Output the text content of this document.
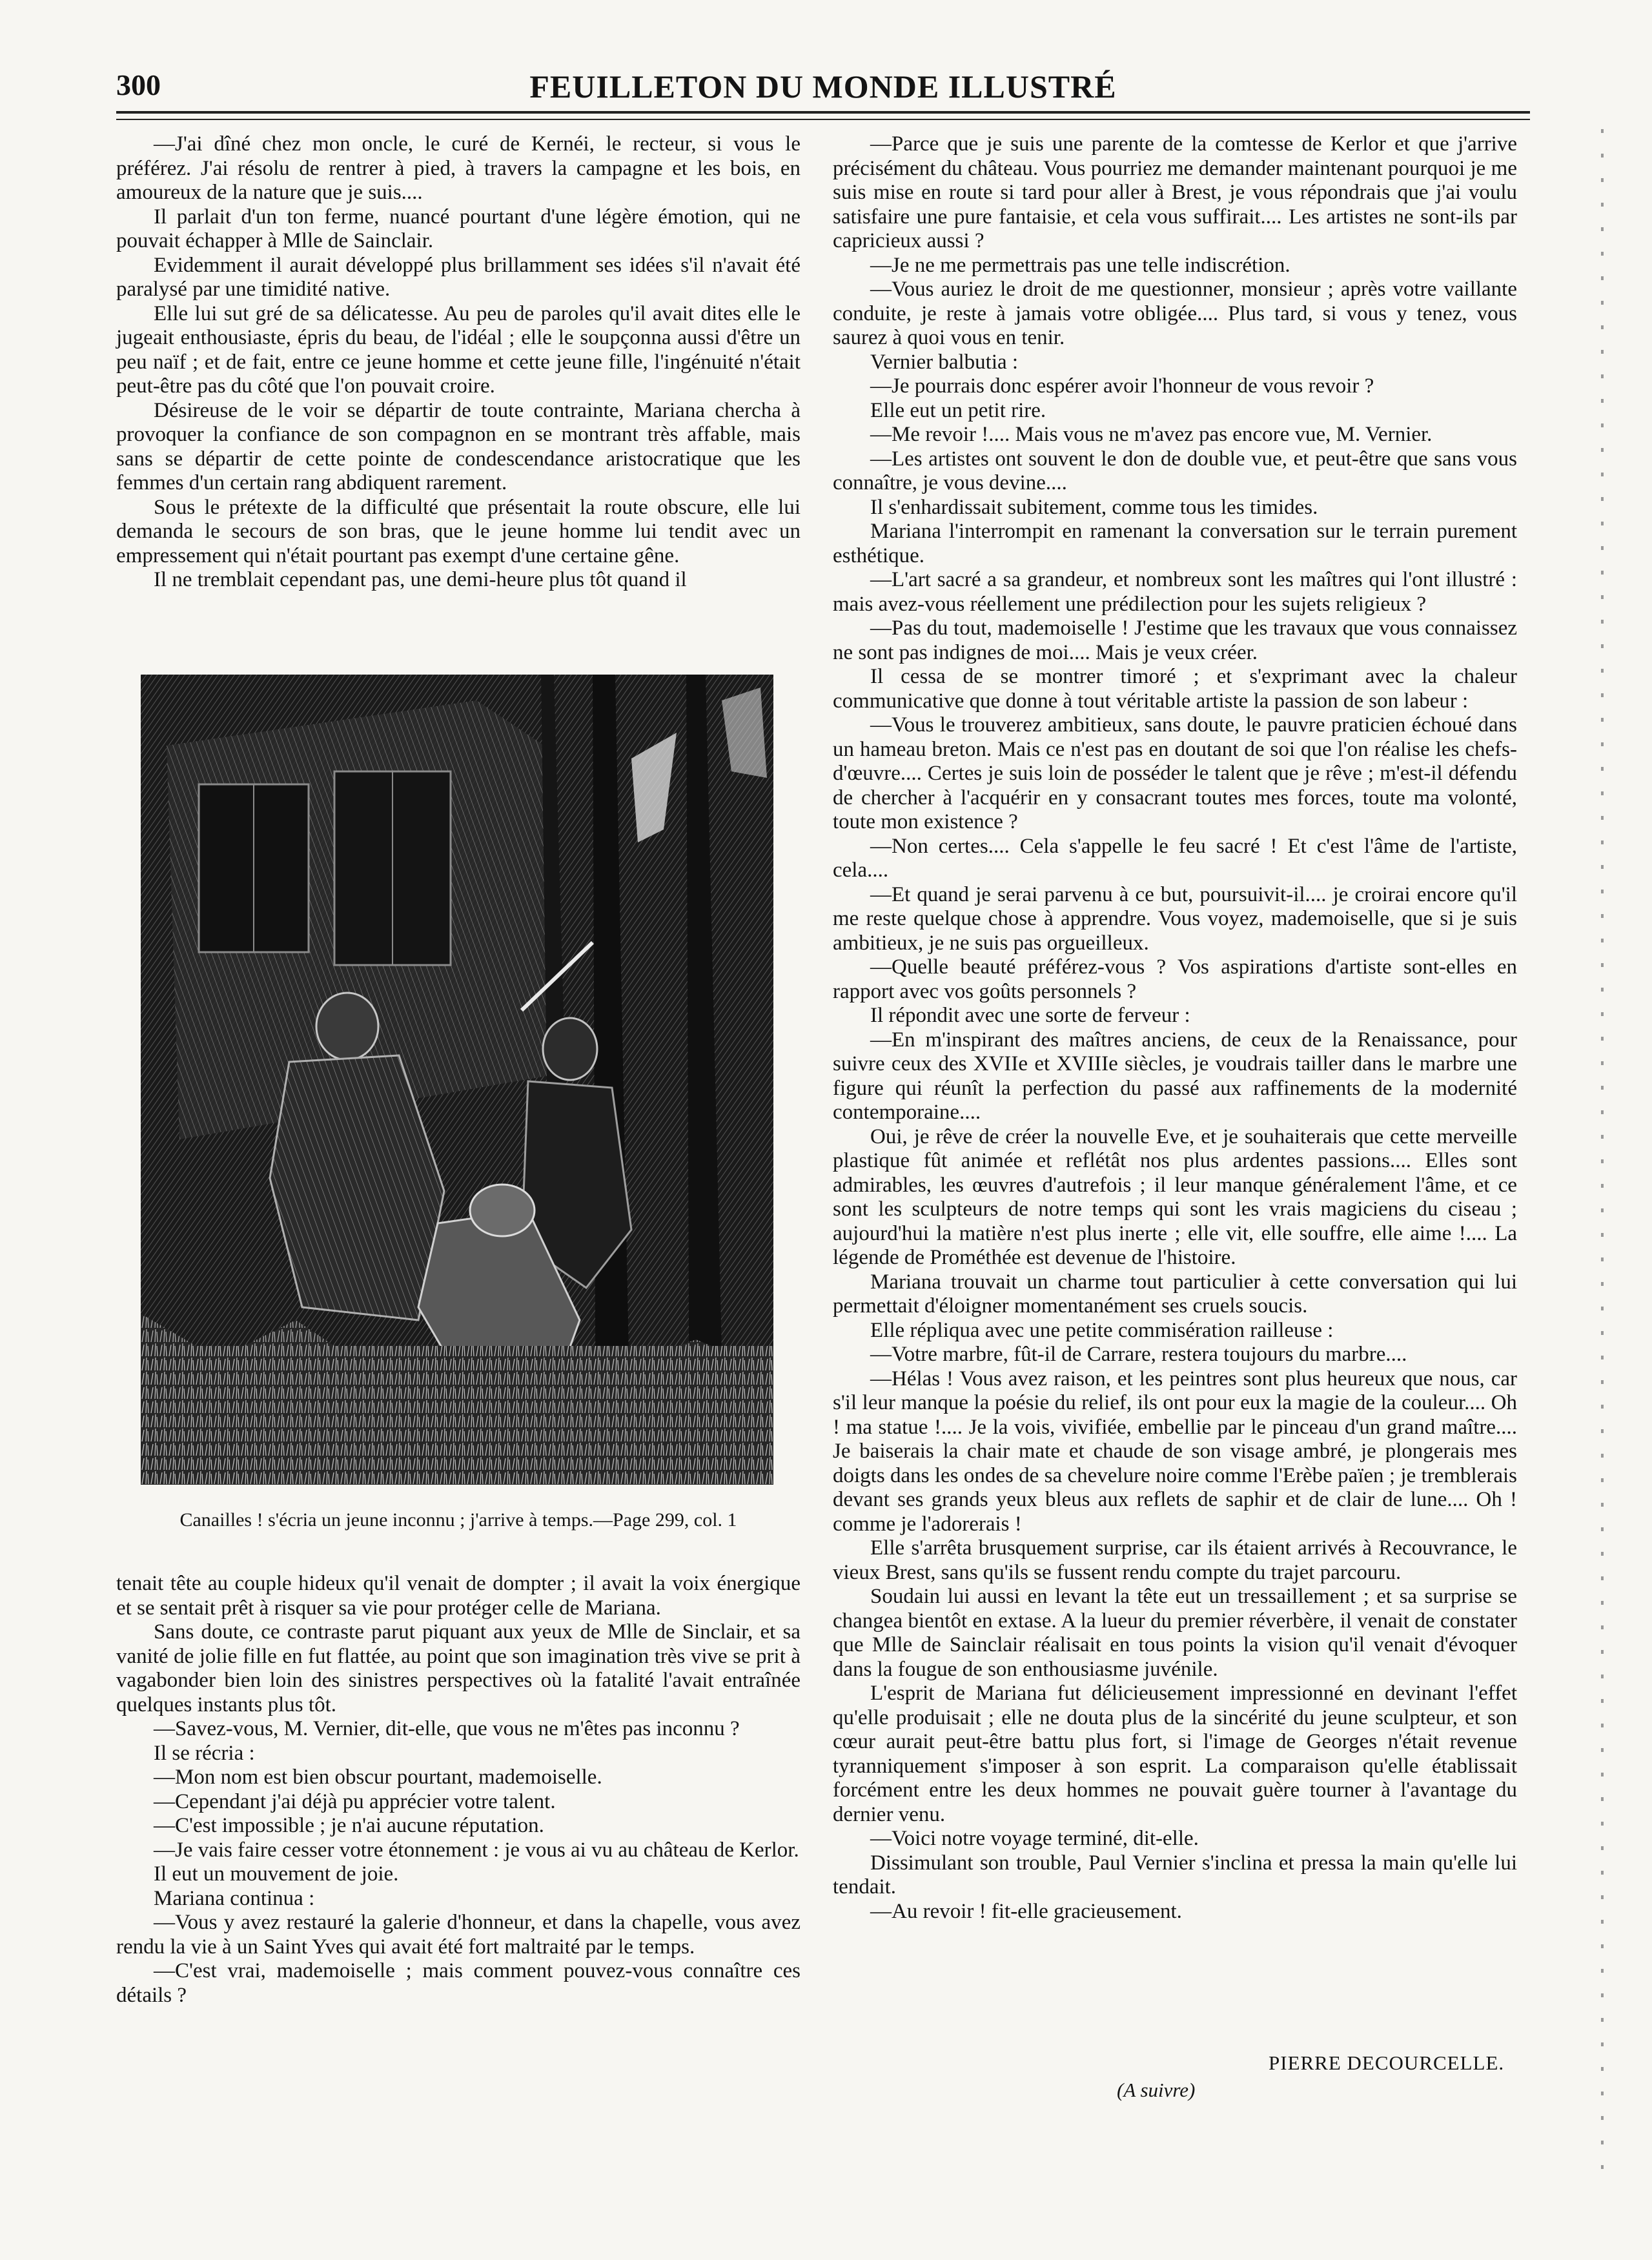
300	FEUILLETON DU MONDE ILLUSTRÉ

—J'ai dîné chez mon oncle, le curé de Kernéi, le recteur, si vous le préférez. J'ai résolu de rentrer à pied, à travers la campagne et les bois, en amoureux de la nature que je suis....

Il parlait d'un ton ferme, nuancé pourtant d'une légère émotion, qui ne pouvait échapper à Mlle de Sainclair.

Evidemment il aurait développé plus brillamment ses idées s'il n'avait été paralysé par une timidité native.

Elle lui sut gré de sa délicatesse. Au peu de paroles qu'il avait dites elle le jugeait enthousiaste, épris du beau, de l'idéal ; elle le soupçonna aussi d'être un peu naïf ; et de fait, entre ce jeune homme et cette jeune fille, l'ingénuité n'était peut-être pas du côté que l'on pouvait croire.

Désireuse de le voir se départir de toute contrainte, Mariana chercha à provoquer la confiance de son compagnon en se montrant très affable, mais sans se départir de cette pointe de condescendance aristocratique que les femmes d'un certain rang abdiquent rarement.

Sous le prétexte de la difficulté que présentait la route obscure, elle lui demanda le secours de son bras, que le jeune homme lui tendit avec un empressement qui n'était pourtant pas exempt d'une certaine gêne.

Il ne tremblait cependant pas, une demi-heure plus tôt quand il

Canailles ! s'écria un jeune inconnu ; j'arrive à temps.—Page 299, col. 1

tenait tête au couple hideux qu'il venait de dompter ; il avait la voix énergique et se sentait prêt à risquer sa vie pour protéger celle de Mariana.

Sans doute, ce contraste parut piquant aux yeux de Mlle de Sinclair, et sa vanité de jolie fille en fut flattée, au point que son imagination très vive se prit à vagabonder bien loin des sinistres perspectives où la fatalité l'avait entraînée quelques instants plus tôt.

—Savez-vous, M. Vernier, dit-elle, que vous ne m'êtes pas inconnu ?

Il se récria :

—Mon nom est bien obscur pourtant, mademoiselle.

—Cependant j'ai déjà pu apprécier votre talent.

—C'est impossible ; je n'ai aucune réputation.

—Je vais faire cesser votre étonnement : je vous ai vu au château de Kerlor.

Il eut un mouvement de joie.

Mariana continua :

—Vous y avez restauré la galerie d'honneur, et dans la chapelle, vous avez rendu la vie à un Saint Yves qui avait été fort maltraité par le temps.

—C'est vrai, mademoiselle ; mais comment pouvez-vous connaître ces détails ?

—Parce que je suis une parente de la comtesse de Kerlor et que j'arrive précisément du château. Vous pourriez me demander maintenant pourquoi je me suis mise en route si tard pour aller à Brest, je vous répondrais que j'ai voulu satisfaire une pure fantaisie, et cela vous suffirait.... Les artistes ne sont-ils par capricieux aussi ?

—Je ne me permettrais pas une telle indiscrétion.

—Vous auriez le droit de me questionner, monsieur ; après votre vaillante conduite, je reste à jamais votre obligée.... Plus tard, si vous y tenez, vous saurez à quoi vous en tenir.

Vernier balbutia :

—Je pourrais donc espérer avoir l'honneur de vous revoir ?

Elle eut un petit rire.

—Me revoir !.... Mais vous ne m'avez pas encore vue, M. Vernier.

—Les artistes ont souvent le don de double vue, et peut-être que sans vous connaître, je vous devine....

Il s'enhardissait subitement, comme tous les timides.

Mariana l'interrompit en ramenant la conversation sur le terrain purement esthétique.

—L'art sacré a sa grandeur, et nombreux sont les maîtres qui l'ont illustré : mais avez-vous réellement une prédilection pour les sujets religieux ?

—Pas du tout, mademoiselle ! J'estime que les travaux que vous connaissez ne sont pas indignes de moi.... Mais je veux créer.

Il cessa de se montrer timoré ; et s'exprimant avec la chaleur communicative que donne à tout véritable artiste la passion de son labeur :

—Vous le trouverez ambitieux, sans doute, le pauvre praticien échoué dans un hameau breton. Mais ce n'est pas en doutant de soi que l'on réalise les chefs-d'œuvre.... Certes je suis loin de posséder le talent que je rêve ; m'est-il défendu de chercher à l'acquérir en y consacrant toutes mes forces, toute ma volonté, toute mon existence ?

—Non certes.... Cela s'appelle le feu sacré ! Et c'est l'âme de l'artiste, cela....

—Et quand je serai parvenu à ce but, poursuivit-il.... je croirai encore qu'il me reste quelque chose à apprendre. Vous voyez, mademoiselle, que si je suis ambitieux, je ne suis pas orgueilleux.

—Quelle beauté préférez-vous ? Vos aspirations d'artiste sont-elles en rapport avec vos goûts personnels ?

Il répondit avec une sorte de ferveur :

—En m'inspirant des maîtres anciens, de ceux de la Renaissance, pour suivre ceux des XVIIe et XVIIIe siècles, je voudrais tailler dans le marbre une figure qui réunît la perfection du passé aux raffinements de la modernité contemporaine....

Oui, je rêve de créer la nouvelle Eve, et je souhaiterais que cette merveille plastique fût animée et reflétât nos plus ardentes passions.... Elles sont admirables, les œuvres d'autrefois ; il leur manque généralement l'âme, et ce sont les sculpteurs de notre temps qui sont les vrais magiciens du ciseau ; aujourd'hui la matière n'est plus inerte ; elle vit, elle souffre, elle aime !.... La légende de Prométhée est devenue de l'histoire.

Mariana trouvait un charme tout particulier à cette conversation qui lui permettait d'éloigner momentanément ses cruels soucis.

Elle répliqua avec une petite commisération railleuse :

—Votre marbre, fût-il de Carrare, restera toujours du marbre....

—Hélas ! Vous avez raison, et les peintres sont plus heureux que nous, car s'il leur manque la poésie du relief, ils ont pour eux la magie de la couleur.... Oh ! ma statue !.... Je la vois, vivifiée, embellie par le pinceau d'un grand maître.... Je baiserais la chair mate et chaude de son visage ambré, je plongerais mes doigts dans les ondes de sa chevelure noire comme l'Erèbe païen ; je tremblerais devant ses grands yeux bleus aux reflets de saphir et de clair de lune.... Oh ! comme je l'adorerais !

Elle s'arrêta brusquement surprise, car ils étaient arrivés à Recouvrance, le vieux Brest, sans qu'ils se fussent rendu compte du trajet parcouru.

Soudain lui aussi en levant la tête eut un tressaillement ; et sa surprise se changea bientôt en extase. A la lueur du premier réverbère, il venait de constater que Mlle de Sainclair réalisait en tous points la vision qu'il venait d'évoquer dans la fougue de son enthousiasme juvénile.

L'esprit de Mariana fut délicieusement impressionné en devinant l'effet qu'elle produisait ; elle ne douta plus de la sincérité du jeune sculpteur, et son cœur aurait peut-être battu plus fort, si l'image de Georges n'était revenue tyranniquement s'imposer à son esprit. La comparaison qu'elle établissait forcément entre les deux hommes ne pouvait guère tourner à l'avantage du dernier venu.

—Voici notre voyage terminé, dit-elle.

Dissimulant son trouble, Paul Vernier s'inclina et pressa la main qu'elle lui tendait.

—Au revoir ! fit-elle gracieusement.

PIERRE DECOURCELLE.
(A suivre)
